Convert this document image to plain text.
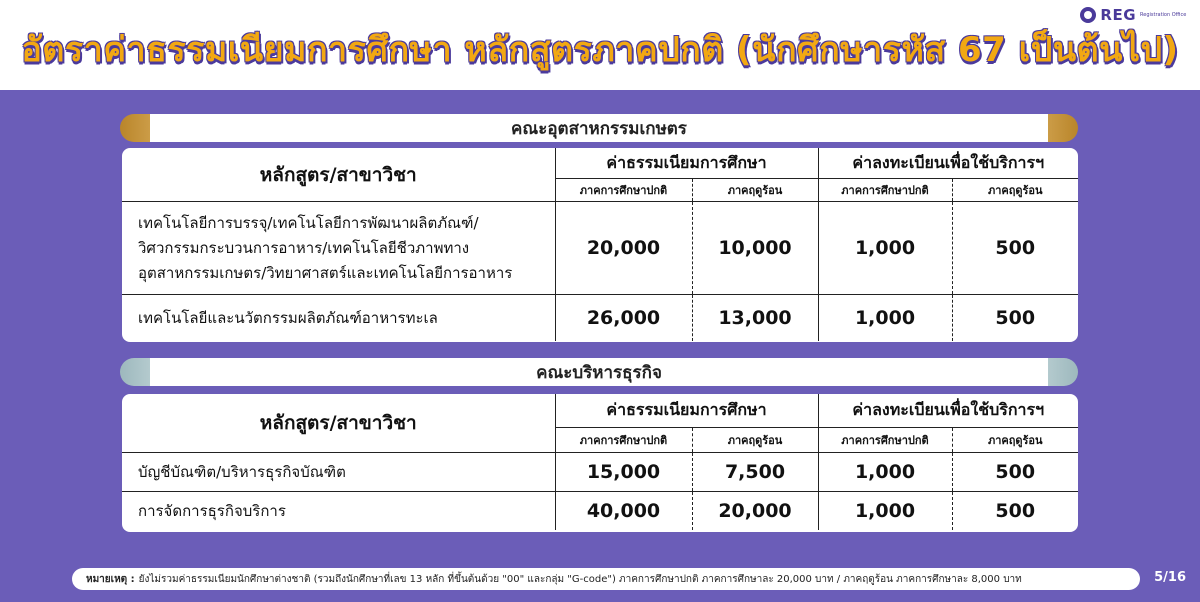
REG Registration Office
อัตราค่าธรรมเนียมการศึกษา หลักสูตรภาคปกติ (นักศึกษารหัส 67 เป็นต้นไป)
คณะอุตสาหกรรมเกษตร
หลักสูตร/สาขาวิชา	ค่าธรรมเนียมการศึกษา		ค่าลงทะเบียนเพื่อใช้บริการฯ	
	ภาคการศึกษาปกติ	ภาคฤดูร้อน	ภาคการศึกษาปกติ	ภาคฤดูร้อน

เทคโนโลยีการบรรจุ/เทคโนโลยีการพัฒนาผลิตภัณฑ์/
วิศวกรรมกระบวนการอาหาร/เทคโนโลยีชีวภาพทาง
อุตสาหกรรมเกษตร/วิทยาศาสตร์และเทคโนโลยีการอาหาร	20,000	10,000	1,000	500
เทคโนโลยีและนวัตกรรมผลิตภัณฑ์อาหารทะเล	26,000	13,000	1,000	500
คณะบริหารธุรกิจ
หลักสูตร/สาขาวิชา	ค่าธรรมเนียมการศึกษา		ค่าลงทะเบียนเพื่อใช้บริการฯ	
	ภาคการศึกษาปกติ	ภาคฤดูร้อน	ภาคการศึกษาปกติ	ภาคฤดูร้อน
บัญชีบัณฑิต/บริหารธุรกิจบัณฑิต	15,000	7,500	1,000	500
การจัดการธุรกิจบริการ	40,000	20,000	1,000	500
หมายเหตุ : ยังไม่รวมค่าธรรมเนียมนักศึกษาต่างชาติ (รวมถึงนักศึกษาที่เลข 13 หลัก ที่ขึ้นต้นด้วย "00" และกลุ่ม "G-code") ภาคการศึกษาปกติ ภาคการศึกษาละ 20,000 บาท / ภาคฤดูร้อน ภาคการศึกษาละ 8,000 บาท	5/16
